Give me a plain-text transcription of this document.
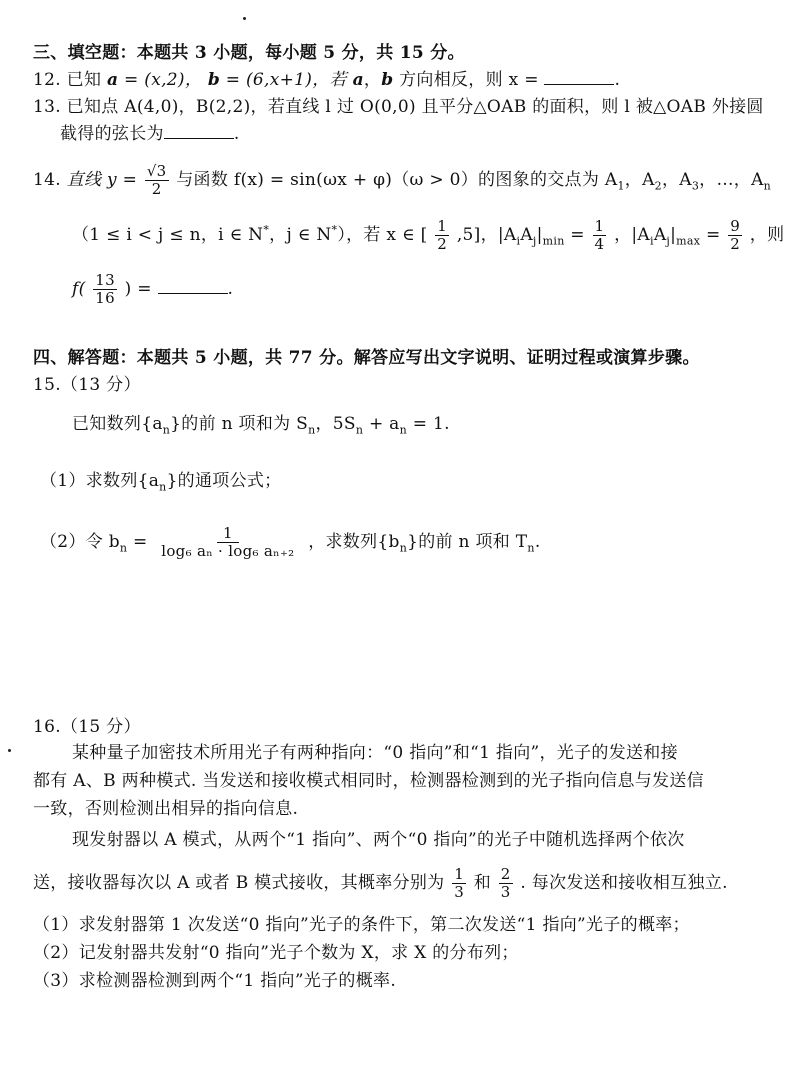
三、填空题：本题共 3 小题，每小题 5 分，共 15 分。
12. 已知 a = (x,2)， b = (6,x+1)，若 a，b 方向相反，则 x =	.
13. 已知点 A(4,0)，B(2,2)，若直线 l 过 O(0,0) 且平分△OAB 的面积，则 l 被△OAB 外接圆
截得的弦长为	.
14. 直线 $y = \frac{√3}{2}$ 与函数 f(x) = sin(ωx + φ)（ω > 0）的图象的交点为 $A_1$，$A_2$，$A_3$，…，$A_n$
（1 ≤ i < j ≤ n，i ∈ N*，j ∈ N*），若 x ∈ [ $\frac{1}{2} ,5$]，$|A_iA_j|_{min} = \frac{1}{4}$ ，$|A_iA_j|_{max} = \frac{9}{2}$ ，则
$f( \frac{13}{16}$ ) =	.
四、解答题：本题共 5 小题，共 77 分。解答应写出文字说明、证明过程或演算步骤。
15.（13 分）
已知数列$\{a_n\}$的前 n 项和为 $S_n$，$5S_n + a_n = 1$.
（1）求数列$\{a_n\}$的通项公式；
（2）令 $b_n = \frac{1}{\text{log₆ aₙ · log₆ aₙ₊₂}}$ ，求数列$\{b_n\}$的前 n 项和 $T_n$.
16.（15 分）
某种量子加密技术所用光子有两种指向：“0 指向”和“1 指向”，光子的发送和接
都有 A、B 两种模式. 当发送和接收模式相同时，检测器检测到的光子指向信息与发送信
一致，否则检测出相异的指向信息.
现发射器以 A 模式，从两个“1 指向”、两个“0 指向”的光子中随机选择两个依次
送，接收器每次以 A 或者 B 模式接收，其概率分别为 $\frac{1}{3}$ 和 $\frac{2}{3}$ . 每次发送和接收相互独立.
（1）求发射器第 1 次发送“0 指向”光子的条件下，第二次发送“1 指向”光子的概率；
（2）记发射器共发射“0 指向”光子个数为 X，求 X 的分布列；
（3）求检测器检测到两个“1 指向”光子的概率.
